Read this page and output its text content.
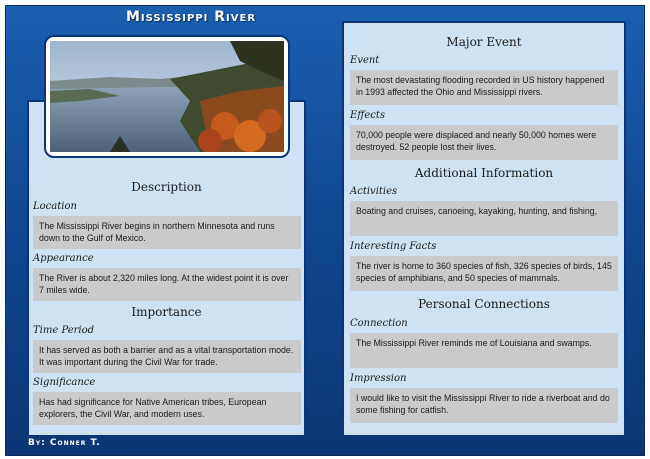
Mississippi River
Description
Location
The Mississippi River begins in northern Minnesota and runs down to the Gulf of Mexico.
Appearance
The River is about 2,320 miles long. At the widest point it is over 7 miles wide.
Importance
Time Period
It has served as both a barrier and as a vital transportation mode. It was important during the Civil War for trade.
Significance
Has had significance for Native American tribes, European explorers, the Civil War, and modern uses.
Major Event
Event
The most devastating flooding recorded in US history happened in 1993 affected the Ohio and Mississippi rivers.
Effects
70,000 people were displaced and nearly 50,000 homes were destroyed. 52 people lost their lives.
Additional Information
Activities
Boating and cruises, canoeing, kayaking, hunting, and fishing,
Interesting Facts
The river is home to 360 species of fish, 326 species of birds, 145 species of amphibians, and 50 species of mammals.
Personal Connections
Connection
The Mississippi River reminds me of Louisiana and swamps.
Impression
I would like to visit the Mississippi River to ride a riverboat and do some fishing for catfish.
By: Conner T.
